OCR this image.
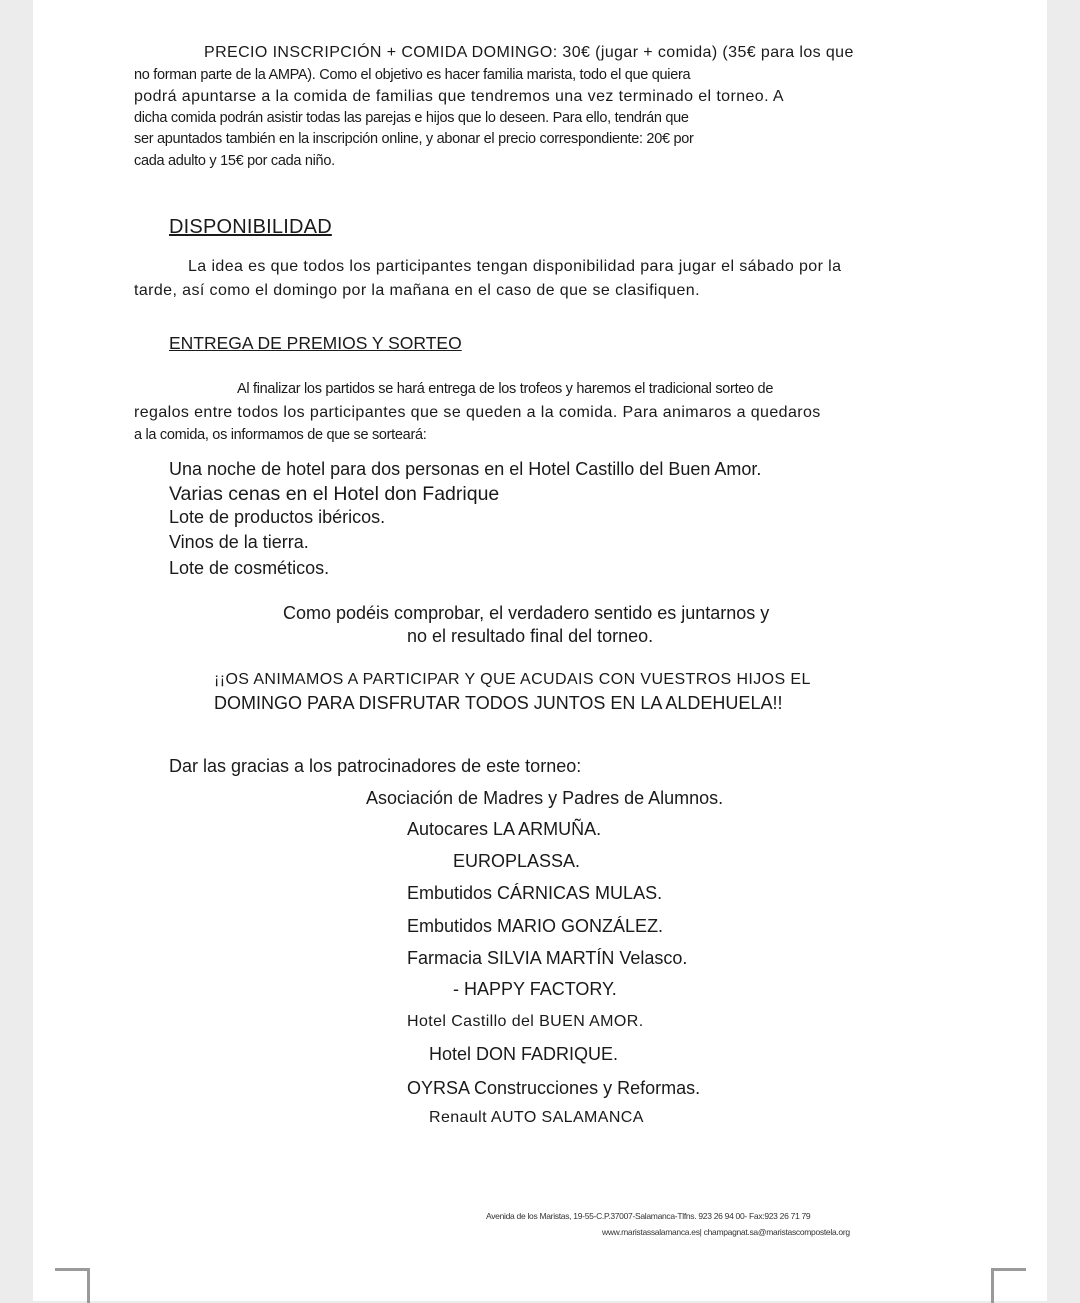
PRECIO INSCRIPCIÓN + COMIDA DOMINGO: 30€ (jugar + comida) (35€ para los que

no forman parte de la AMPA). Como el objetivo es hacer familia marista, todo el que quiera

podrá apuntarse a la comida de familias que tendremos una vez terminado el torneo. A

dicha comida podrán asistir todas las parejas e hijos que lo deseen. Para ello, tendrán que

ser apuntados también en la inscripción online, y abonar el precio correspondiente: 20€ por

cada adulto y 15€ por cada niño.

DISPONIBILIDAD

La idea es que todos los participantes tengan disponibilidad para jugar el sábado por la

tarde, así como el domingo por la mañana en el caso de que se clasifiquen.

ENTREGA DE PREMIOS Y SORTEO

Al finalizar los partidos se hará entrega de los trofeos y haremos el tradicional sorteo de

regalos entre todos los participantes que se queden a la comida. Para animaros a quedaros

a la comida, os informamos de que se sorteará:

Una noche de hotel para dos personas en el Hotel Castillo del Buen Amor.

Varias cenas en el Hotel don Fadrique

Lote de productos ibéricos.

Vinos de la tierra.

Lote de cosméticos.

Como podéis comprobar, el verdadero sentido es juntarnos y

no el resultado final del torneo.

¡¡OS ANIMAMOS A PARTICIPAR Y QUE ACUDAIS CON VUESTROS HIJOS EL

DOMINGO PARA DISFRUTAR TODOS JUNTOS EN LA ALDEHUELA!!

Dar las gracias a los patrocinadores de este torneo:

Asociación de Madres y Padres de Alumnos.

Autocares LA ARMUÑA.

EUROPLASSA.

Embutidos CÁRNICAS MULAS.

Embutidos MARIO GONZÁLEZ.

Farmacia SILVIA MARTÍN Velasco.

- HAPPY FACTORY.

Hotel Castillo del BUEN AMOR.

Hotel DON FADRIQUE.

OYRSA Construcciones y Reformas.

Renault AUTO SALAMANCA

Avenida de los Maristas, 19-55-C.P.37007-Salamanca-Tlfns. 923 26 94 00- Fax:923 26 71 79

www.maristassalamanca.es| champagnat.sa@maristascompostela.org
